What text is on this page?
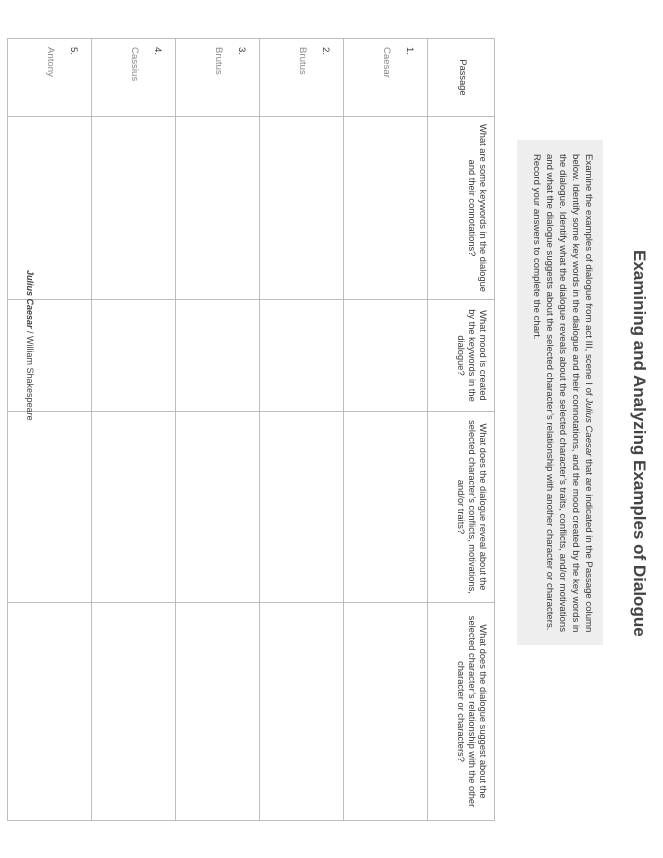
Examining and Analyzing Examples of Dialogue

Examine the examples of dialogue from act III, scene I of Julius Caesar that are indicated in the Passage column below. Identify some key words in the dialogue and their connotations, and the mood created by the key words in the dialogue. Identify what the dialogue reveals about the selected character’s traits, conflicts, and/or motivations and what the dialogue suggests about the selected character’s relationship with another character or characters. Record your answers to complete the chart.

Passage	What are some keywords in the dialogue and their connotations?	What mood is created by the keywords in the dialogue?	What does the dialogue reveal about the selected character’s conflicts, motivations, and/or traits?	What does the dialogue suggest about the selected character’s relationship with the other character or characters?

1.
Caesar				

2.
Brutus				

3.
Brutus				

4.
Cassius				

5.
Antony				

Julius Caesar / William Shakespeare
